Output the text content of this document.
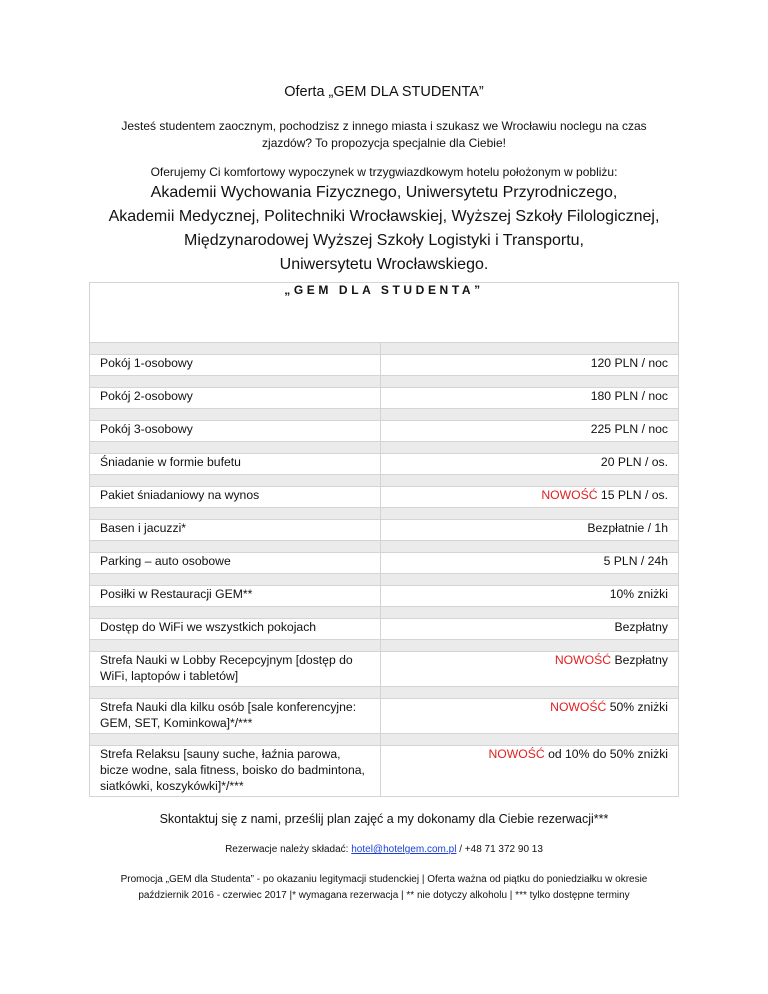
Oferta „GEM DLA STUDENTA”
Jesteś studentem zaocznym, pochodzisz z innego miasta i szukasz we Wrocławiu noclegu na czas zjazdów? To propozycja specjalnie dla Ciebie!
Oferujemy Ci komfortowy wypoczynek w trzygwiazdkowym hotelu położonym w pobliżu:
Akademii Wychowania Fizycznego, Uniwersytetu Przyrodniczego,
Akademii Medycznej, Politechniki Wrocławskiej, Wyższej Szkoły Filologicznej,
Międzynarodowej Wyższej Szkoły Logistyki i Transportu,
Uniwersytetu Wrocławskiego.
„GEM DLA STUDENTA”	

Pokój 1-osobowy	120 PLN / noc

Pokój 2-osobowy	180 PLN / noc

Pokój 3-osobowy	225 PLN / noc

Śniadanie w formie bufetu	20 PLN / os.

Pakiet śniadaniowy na wynos	NOWOŚĆ 15 PLN / os.

Basen i jacuzzi*	Bezpłatnie / 1h

Parking – auto osobowe	5 PLN / 24h

Posiłki w Restauracji GEM**	10% zniżki

Dostęp do WiFi we wszystkich pokojach	Bezpłatny

Strefa Nauki w Lobby Recepcyjnym [dostęp do WiFi, laptopów i tabletów]	NOWOŚĆ Bezpłatny

Strefa Nauki dla kilku osób [sale konferencyjne: GEM, SET, Kominkowa]*/***	NOWOŚĆ 50% zniżki

Strefa Relaksu [sauny suche, łaźnia parowa, bicze wodne, sala fitness, boisko do badmintona, siatkówki, koszykówki]*/***	NOWOŚĆ od 10% do 50% zniżki
Skontaktuj się z nami, prześlij plan zajęć a my dokonamy dla Ciebie rezerwacji***
Rezerwacje należy składać: hotel@hotelgem.com.pl / +48 71 372 90 13
Promocja „GEM dla Studenta” - po okazaniu legitymacji studenckiej | Oferta ważna od piątku do poniedziałku w okresie
październik 2016 - czerwiec 2017 |* wymagana rezerwacja | ** nie dotyczy alkoholu | *** tylko dostępne terminy
